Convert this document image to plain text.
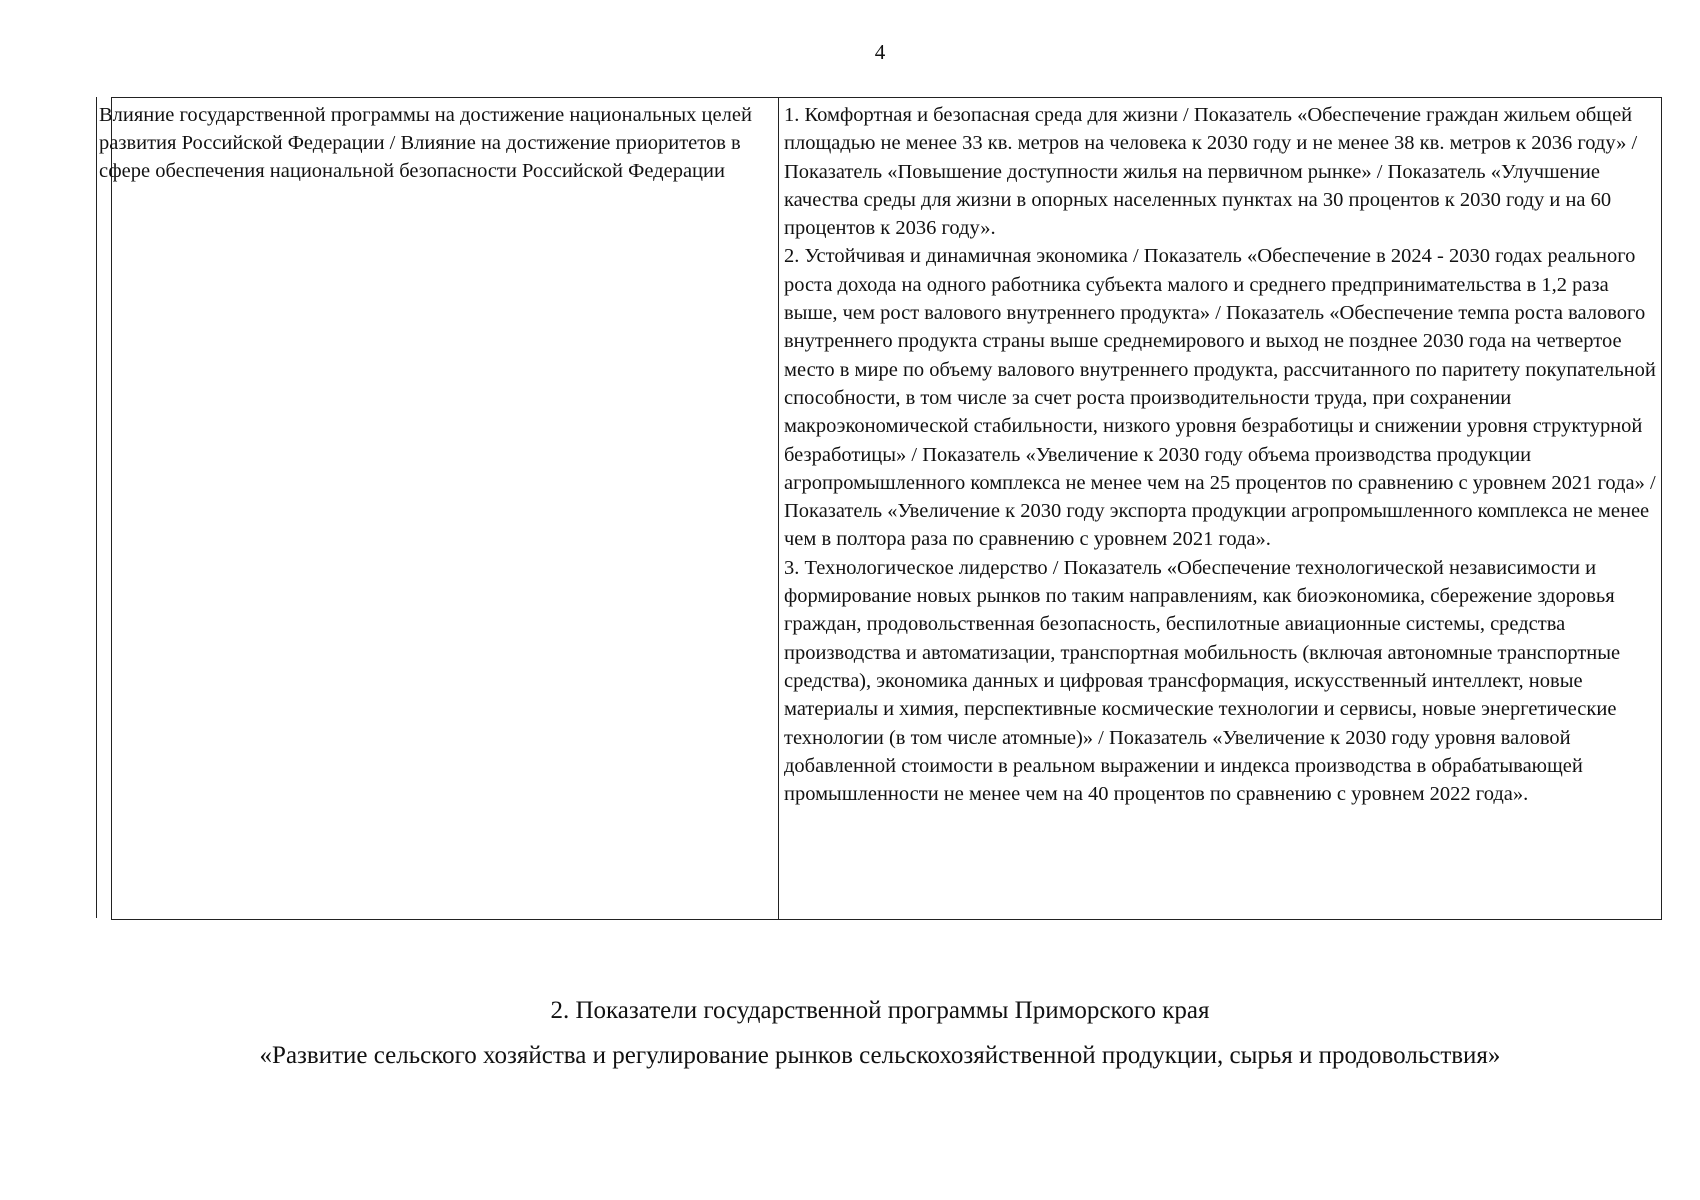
4

Влияние государственной программы на достижение национальных целей развития Российской Федерации / Влияние на достижение приоритетов в сфере обеспечения национальной безопасности Российской Федерации

1. Комфортная и безопасная среда для жизни / Показатель «Обеспечение граждан жильем общей площадью не менее 33 кв. метров на человека к 2030 году и не менее 38 кв. метров к 2036 году» / Показатель «Повышение доступности жилья на первичном рынке» / Показатель «Улучшение качества среды для жизни в опорных населенных пунктах на 30 процентов к 2030 году и на 60 процентов к 2036 году».

2. Устойчивая и динамичная экономика / Показатель «Обеспечение в 2024 - 2030 годах реального роста дохода на одного работника субъекта малого и среднего предпринимательства в 1,2 раза выше, чем рост валового внутреннего продукта» / Показатель «Обеспечение темпа роста валового внутреннего продукта страны выше среднемирового и выход не позднее 2030 года на четвертое место в мире по объему валового внутреннего продукта, рассчитанного по паритету покупательной способности, в том числе за счет роста производительности труда, при сохранении макроэкономической стабильности, низкого уровня безработицы и снижении уровня структурной безработицы» / Показатель «Увеличение к 2030 году объема производства продукции агропромышленного комплекса не менее чем на 25 процентов по сравнению с уровнем 2021 года» / Показатель «Увеличение к 2030 году экспорта продукции агропромышленного комплекса не менее чем в полтора раза по сравнению с уровнем 2021 года».

3. Технологическое лидерство / Показатель «Обеспечение технологической независимости и формирование новых рынков по таким направлениям, как биоэкономика, сбережение здоровья граждан, продовольственная безопасность, беспилотные авиационные системы, средства производства и автоматизации, транспортная мобильность (включая автономные транспортные средства), экономика данных и цифровая трансформация, искусственный интеллект, новые материалы и химия, перспективные космические технологии и сервисы, новые энергетические технологии (в том числе атомные)» / Показатель «Увеличение к 2030 году уровня валовой добавленной стоимости в реальном выражении и индекса производства в обрабатывающей промышленности не менее чем на 40 процентов по сравнению с уровнем 2022 года».

2. Показатели государственной программы Приморского края
«Развитие сельского хозяйства и регулирование рынков сельскохозяйственной продукции, сырья и продовольствия»
